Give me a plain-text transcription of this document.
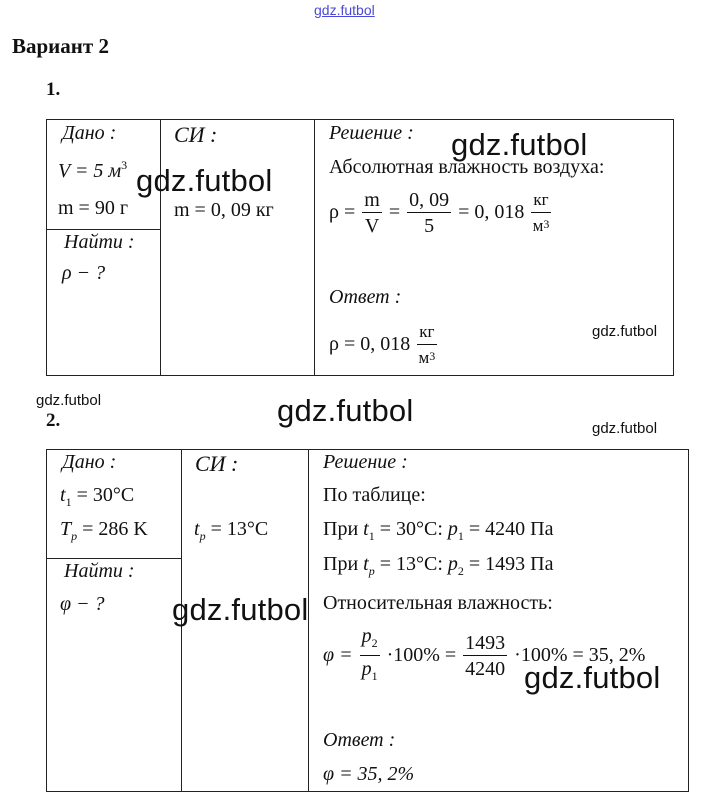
gdz.futbol
Вариант 2
1.
Дано :
V = 5 $м^3$
m = 90 г
Найти :
ρ − ?
СИ :
m = 0, 09 кг
Решение :
Абсолютная влажность воздуха:
$\rho = \frac{m}{V} = \frac{0, 09}{5} = 0$, $018 \frac{кг}{м^3}$
Ответ :
ρ = 0, $018 \frac{кг}{м^3}$
2.
Дано :
$t_1 = 30^\circ C$
$T_p = 286$ K
Найти :
φ − ?
СИ :
$t_p = 13^\circ C$
Решение :
По таблице:
При $t_1 = 30^\circ C$: $p_1 = 4240$ Па
При $t_p = 13^\circ C$: $p_2 = 1493$ Па
Относительная влажность:
$\varphi = \frac{p_2}{p_1} \cdot 100\% = \frac{1493}{4240} \cdot 100\% = 35$, 2%
Ответ :
φ = 35, 2%
gdz.futbol
gdz.futbol
gdz.futbol
gdz.futbol	gdz.futbol
gdz.futbol
gdz.futbol
gdz.futbol
